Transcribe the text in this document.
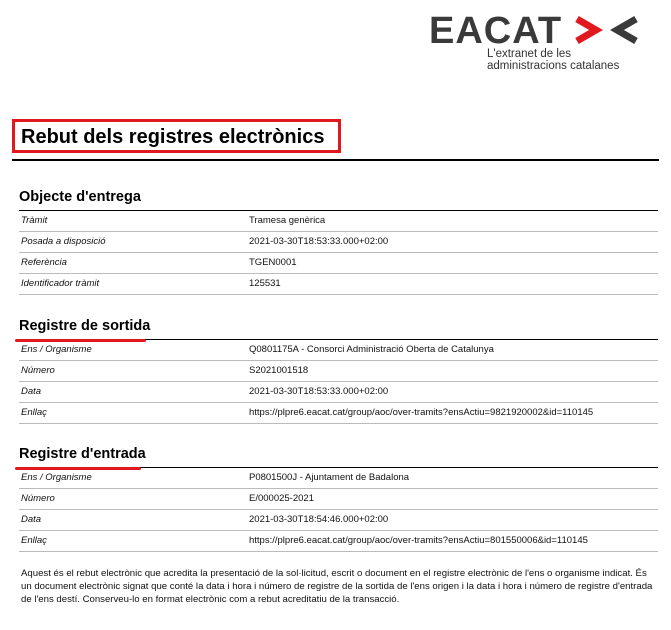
EACAT
L'extranet de les
administracions catalanes
Rebut dels registres electrònics
Objecte d'entrega
Tràmit	Tramesa genèrica
Posada a disposició	2021-03-30T18:53:33.000+02:00
Referència	TGEN0001
Identificador tràmit	125531
Registre de sortida
Ens / Organisme	Q0801175A - Consorci Administració Oberta de Catalunya
Número	S2021001518
Data	2021-03-30T18:53:33.000+02:00
Enllaç	https://plpre6.eacat.cat/group/aoc/over-tramits?ensActiu=9821920002&id=110145
Registre d'entrada
Ens / Organisme	P0801500J - Ajuntament de Badalona
Número	E/000025-2021
Data	2021-03-30T18:54:46.000+02:00
Enllaç	https://plpre6.eacat.cat/group/aoc/over-tramits?ensActiu=801550006&id=110145
Aquest és el rebut electrònic que acredita la presentació de la sol·licitud, escrit o document en el registre electrònic de l'ens o organisme indicat. És un document electrònic signat que conté la data i hora i número de registre de la sortida de l'ens origen i la data i hora i número de registre d'entrada de l'ens destí. Conserveu-lo en format electrònic com a rebut acreditatiu de la transacció.
